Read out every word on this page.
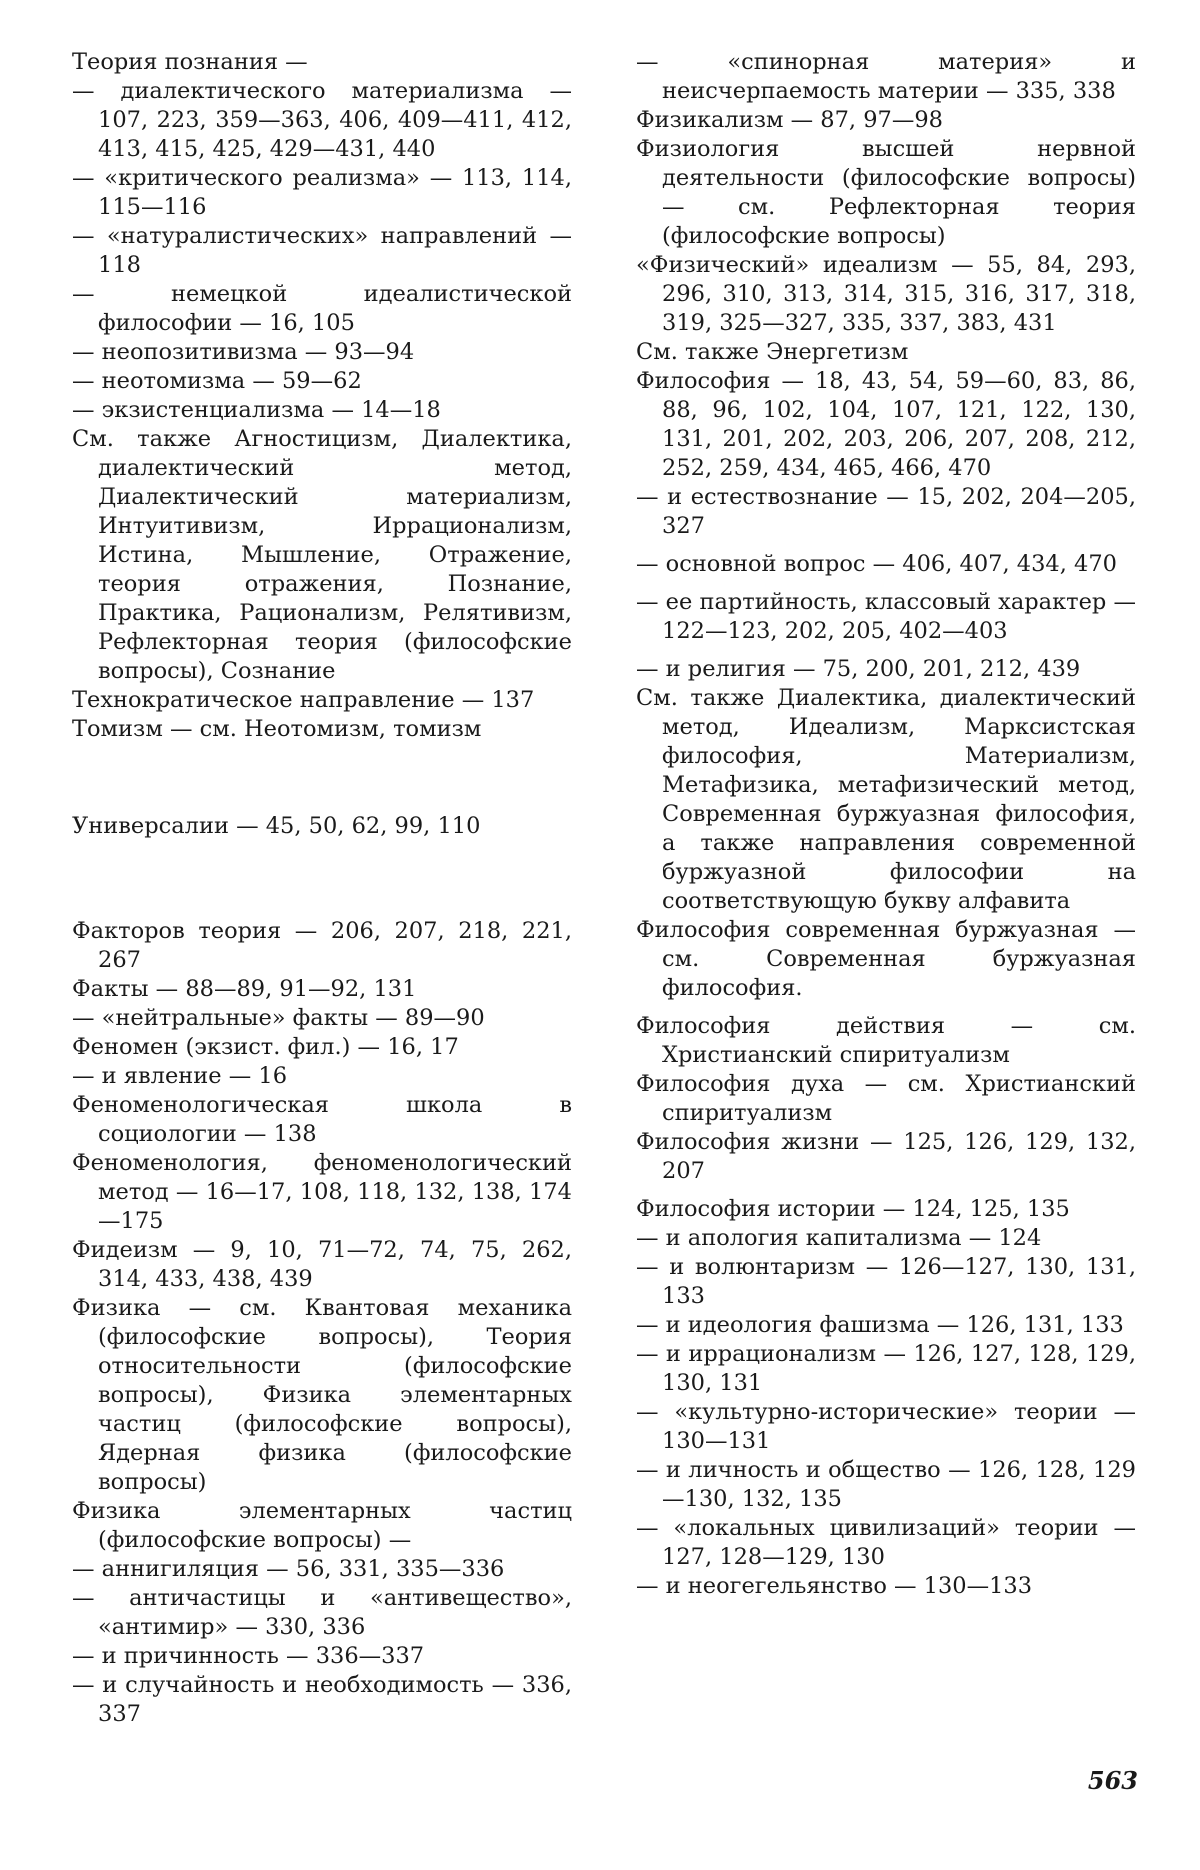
Теория познания —

— диалектического материализма — 107, 223, 359—363, 406, 409—411, 412, 413, 415, 425, 429—431, 440

— «критического реализма» — 113, 114, 115—116

— «натуралистических» направлений — 118

— немецкой идеалистической философии — 16, 105

— неопозитивизма — 93—94

— неотомизма — 59—62

— экзистенциализма — 14—18

См. также Агностицизм, Диалектика, диалектический метод, Диалектический материализм, Интуитивизм, Иррационализм, Истина, Мышление, Отражение, теория отражения, Познание, Практика, Рационализм, Релятивизм, Рефлекторная теория (философские вопросы), Сознание

Технократическое направление — 137

Томизм — см. Неотомизм, томизм

Универсалии — 45, 50, 62, 99, 110

Факторов теория — 206, 207, 218, 221, 267

Факты — 88—89, 91—92, 131

— «нейтральные» факты — 89—90

Феномен (экзист. фил.) — 16, 17

— и явление — 16

Феноменологическая школа в социологии — 138

Феноменология, феноменологический метод — 16—17, 108, 118, 132, 138, 174—175

Фидеизм — 9, 10, 71—72, 74, 75, 262, 314, 433, 438, 439

Физика — см. Квантовая механика (философские вопросы), Теория относительности (философские вопросы), Физика элементарных частиц (философские вопросы), Ядерная физика (философские вопросы)

Физика элементарных частиц (философские вопросы) —

— аннигиляция — 56, 331, 335—336

— античастицы и «антивещество», «антимир» — 330, 336

— и причинность — 336—337

— и случайность и необходимость — 336, 337

— «спинорная материя» и неисчерпаемость материи — 335, 338

Физикализм — 87, 97—98

Физиология высшей нервной деятельности (философские вопросы) — см. Рефлекторная теория (философские вопросы)

«Физический» идеализм — 55, 84, 293, 296, 310, 313, 314, 315, 316, 317, 318, 319, 325—327, 335, 337, 383, 431

См. также Энергетизм

Философия — 18, 43, 54, 59—60, 83, 86, 88, 96, 102, 104, 107, 121, 122, 130, 131, 201, 202, 203, 206, 207, 208, 212, 252, 259, 434, 465, 466, 470

— и естествознание — 15, 202, 204—205, 327

— основной вопрос — 406, 407, 434, 470

— ее партийность, классовый характер — 122—123, 202, 205, 402—403

— и религия — 75, 200, 201, 212, 439

См. также Диалектика, диалектический метод, Идеализм, Марксистская философия, Материализм, Метафизика, метафизический метод, Современная буржуазная философия, а также направления современной буржуазной философии на соответствующую букву алфавита

Философия современная буржуазная — см. Современная буржуазная философия.

Философия действия — см. Христианский спиритуализм

Философия духа — см. Христианский спиритуализм

Философия жизни — 125, 126, 129, 132, 207

Философия истории — 124, 125, 135

— и апология капитализма — 124

— и волюнтаризм — 126—127, 130, 131, 133

— и идеология фашизма — 126, 131, 133

— и иррационализм — 126, 127, 128, 129, 130, 131

— «культурно-исторические» теории — 130—131

— и личность и общество — 126, 128, 129—130, 132, 135

— «локальных цивилизаций» теории — 127, 128—129, 130

— и неогегельянство — 130—133

563
